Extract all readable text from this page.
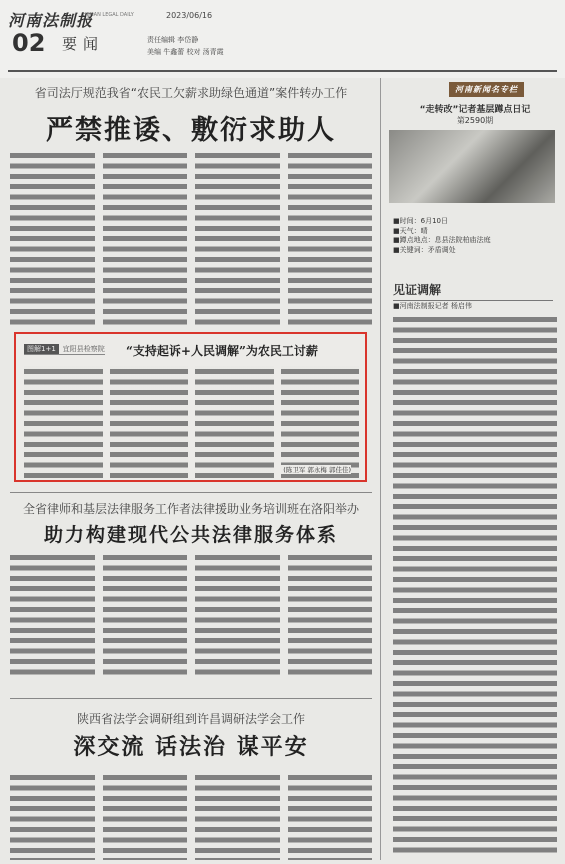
河南法制报
HENAN LEGAL DAILY	2023/06/16
02 要闻	责任编辑 李岱静
美编 牛鑫蕾 校对 汤青霞
省司法厅规范我省“农民工欠薪求助绿色通道”案件转办工作
严禁推诿、敷衍求助人
图解1+1 宜阳县检察院 “支持起诉+人民调解”为农民工讨薪
(陈卫军 郭永梅 郭佳佳)
全省律师和基层法律服务工作者法律援助业务培训班在洛阳举办
助力构建现代公共法律服务体系
陕西省法学会调研组到许昌调研法学会工作
深交流 话法治 谋平安
河南新闻名专栏
“走转改”记者基层蹲点日记
第2590期
■时间：6月10日
■天气：晴
■蹲点地点：息县法院柏庙法庭
■关键词：矛盾调处
见证调解
■河南法制报记者 杨启伟
